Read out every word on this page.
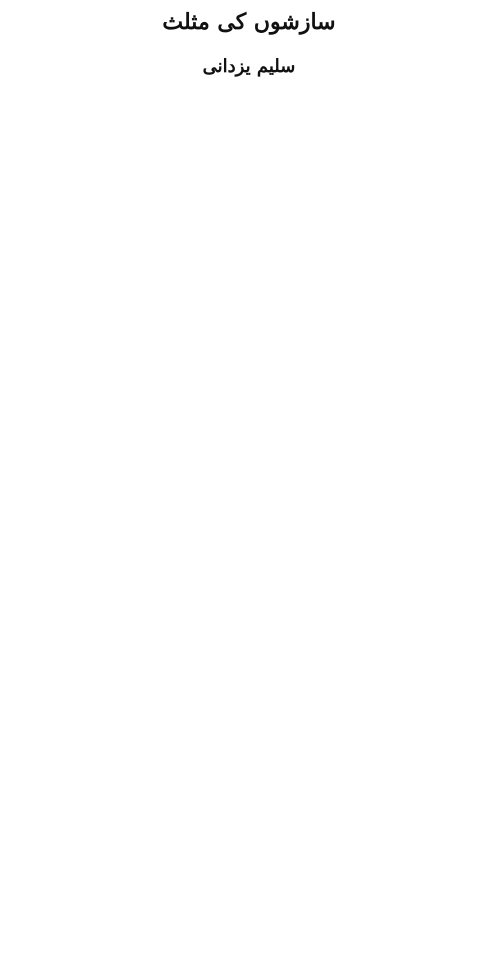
سازشوں کی مثلث
سلیم یزدانی
